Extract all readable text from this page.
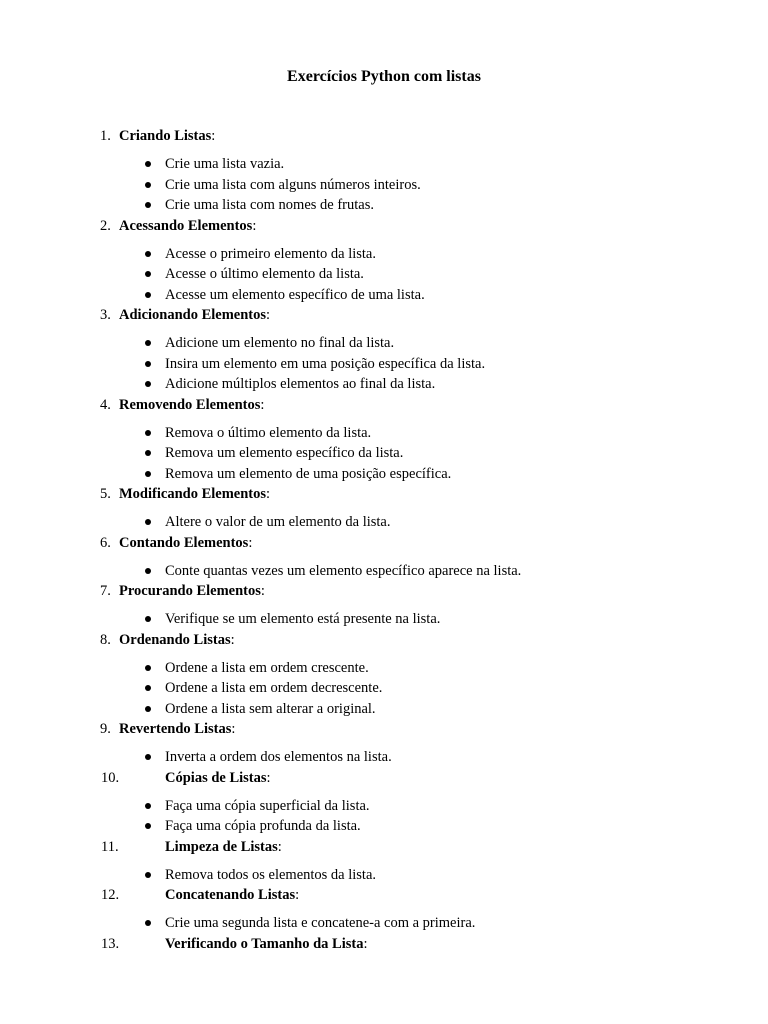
Exercícios Python com listas
1. Criando Listas:
Crie uma lista vazia.
Crie uma lista com alguns números inteiros.
Crie uma lista com nomes de frutas.
2. Acessando Elementos:
Acesse o primeiro elemento da lista.
Acesse o último elemento da lista.
Acesse um elemento específico de uma lista.
3. Adicionando Elementos:
Adicione um elemento no final da lista.
Insira um elemento em uma posição específica da lista.
Adicione múltiplos elementos ao final da lista.
4. Removendo Elementos:
Remova o último elemento da lista.
Remova um elemento específico da lista.
Remova um elemento de uma posição específica.
5. Modificando Elementos:
Altere o valor de um elemento da lista.
6. Contando Elementos:
Conte quantas vezes um elemento específico aparece na lista.
7. Procurando Elementos:
Verifique se um elemento está presente na lista.
8. Ordenando Listas:
Ordene a lista em ordem crescente.
Ordene a lista em ordem decrescente.
Ordene a lista sem alterar a original.
9. Revertendo Listas:
Inverta a ordem dos elementos na lista.
10.	Cópias de Listas:
Faça uma cópia superficial da lista.
Faça uma cópia profunda da lista.
11.	Limpeza de Listas:
Remova todos os elementos da lista.
12.	Concatenando Listas:
Crie uma segunda lista e concatene-a com a primeira.
13.	Verificando o Tamanho da Lista:
